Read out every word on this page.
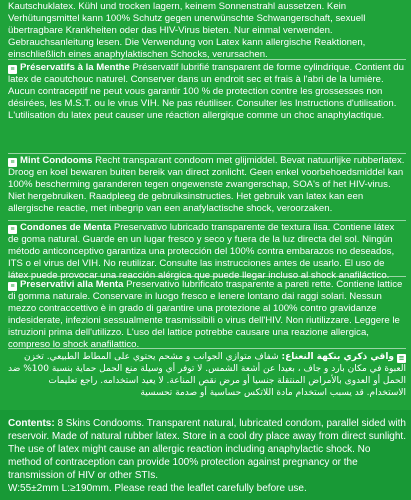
Kautschuklatex. Kühl und trocken lagern, keinem Sonnenstrahl aussetzen. Kein Verhütungsmittel kann 100% Schutz gegen unerwünschte Schwangerschaft, sexuell übertragbare Krankheiten oder das HIV-Virus bieten. Nur einmal verwenden. Gebrauchsanleitung lesen. Die Verwendung von Latex kann allergische Reaktionen, einschließlich eines anaphylaktischen Schocks, verursachen.
≡ Préservatifs à la Menthe Préservatif lubrifié transparent de forme cylindrique. Contient du latex de caoutchouc naturel. Conserver dans un endroit sec et frais à l'abri de la lumière. Aucun contraceptif ne peut vous garantir 100 % de protection contre les grossesses non désirées, les M.S.T. ou le virus VIH. Ne pas réutiliser. Consulter les Instructions d'utilisation. L'utilisation du latex peut causer une réaction allergique comme un choc anaphylactique.
≡ Mint Condooms Recht transparant condoom met glijmiddel. Bevat natuurlijke rubberlatex. Droog en koel bewaren buiten bereik van direct zonlicht. Geen enkel voorbehoedsmiddel kan 100% bescherming garanderen tegen ongewenste zwangerschap, SOA's of het HIV-virus. Niet hergebruiken. Raadpleeg de gebruiksinstructies. Het gebruik van latex kan een allergische reactie, met inbegrip van een anafylactische shock, veroorzaken.
≡ Condones de Menta Preservativo lubricado transparente de textura lisa. Contiene látex de goma natural. Guarde en un lugar fresco y seco y fuera de la luz directa del sol. Ningún método anticonceptivo garantiza una protección del 100% contra embarazos no deseados, ITS o el virus del VIH. No reutilizar. Consulte las instrucciones antes de usarlo. El uso de látex puede provocar una reacción alérgica que puede llegar incluso al shock anafiláctico.
≡ Preservativi alla Menta Preservativo lubrificato trasparente a pareti rette. Contiene lattice di gomma naturale. Conservare in luogo fresco e lenere lontano dai raggi solari. Nessun mezzo contraccettivo è in grado di garantire una protezione al 100% contro gravidanze indesiderate, infezioni sessualmente trasmissibili o virus dell'HIV. Non riutilizzare. Leggere le istruzioni prima dell'utilizzo. L'uso del lattice potrebbe causare una reazione allergica, compreso lo shock anafilattico.
≡واقي ذكري بنكهة النعناع: شفاف متوازي الجوانب و مشحم يحتوي على المطاط الطبيعي. تخزن العبوة في مكان بارد و جاف ، بعيدا عن أشعة الشمس. لا توفر أي وسيلة منع الحمل حماية بنسبة 100% ضد الحمل أو العدوى بالأمراض المنتقلة جنسيا أو مرض نقص المناعة. لا يعيد استخدامه. راجع تعليمات الاستخدام. قد يسبب استخدام مادة اللاتكس حساسية أو صدمة تحسسية
Contents: 8 Skins Condooms. Transparent natural, lubricated condom, parallel sided with reservoir. Made of natural rubber latex. Store in a cool dry place away from direct sunlight. The use of latex might cause an allergic reaction including anaphylactic shock. No method of contraception can provide 100% protection against pregnancy or the transmission of HIV or other STIs.
W:55±2mm L:≥190mm. Please read the leaflet carefully before use.
